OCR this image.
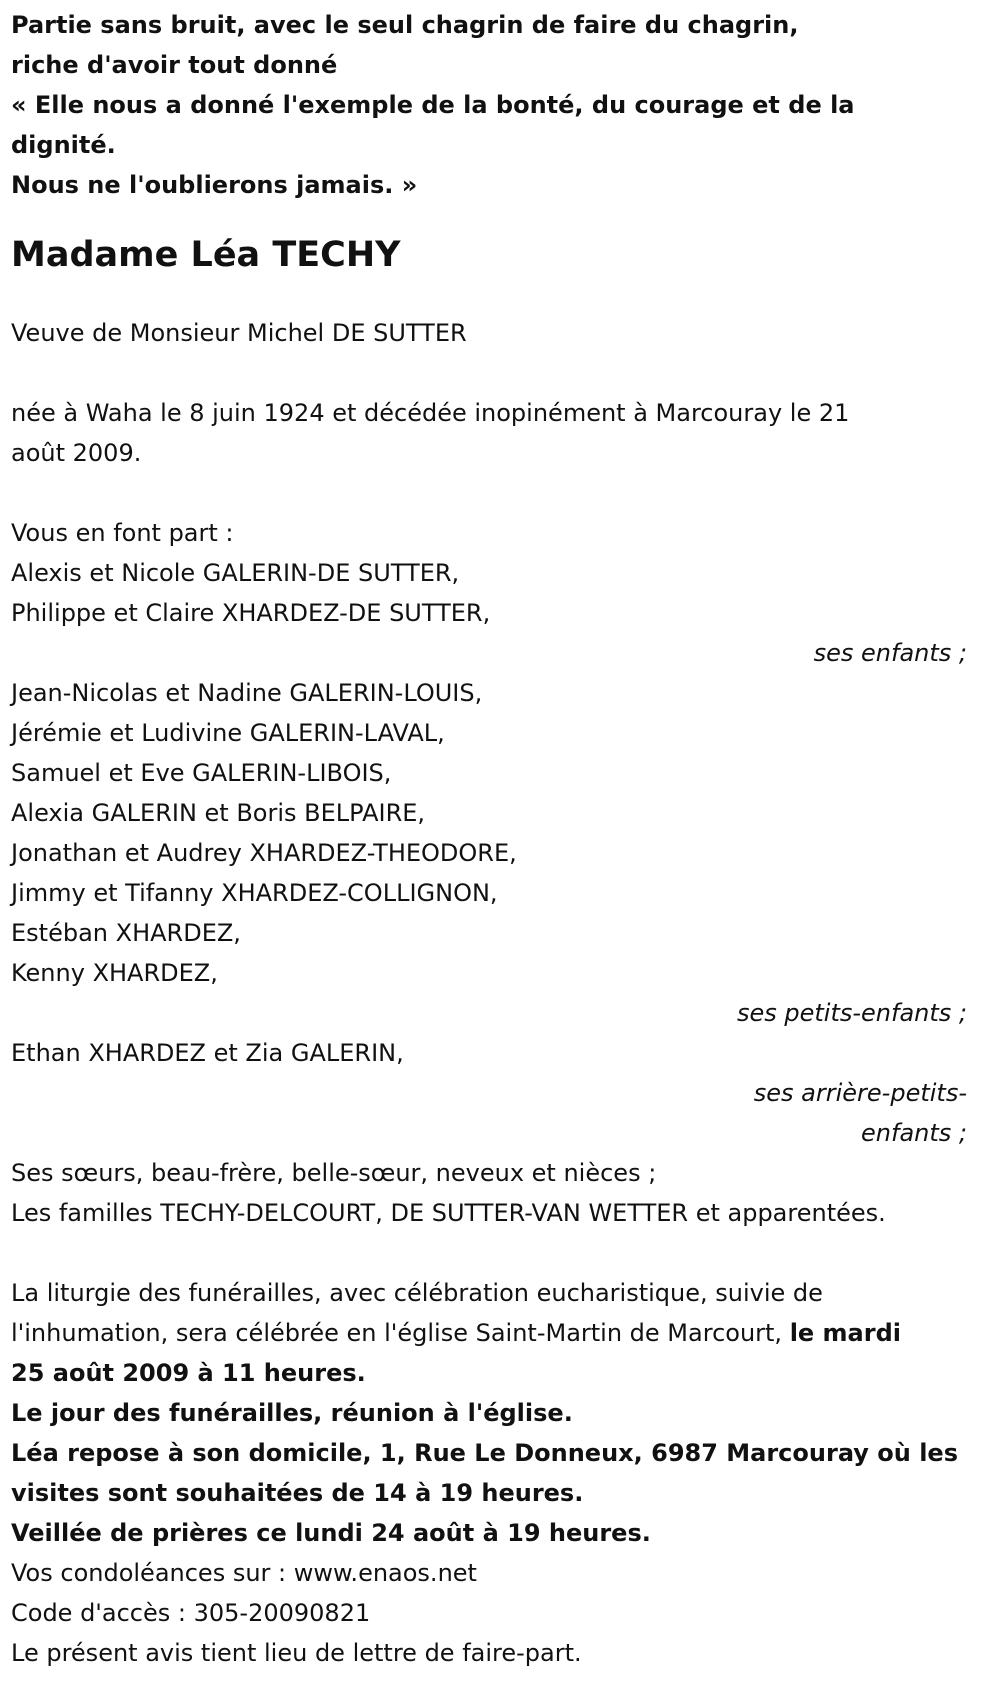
Partie sans bruit, avec le seul chagrin de faire du chagrin,

riche d'avoir tout donné

« Elle nous a donné l'exemple de la bonté, du courage et de la

dignité.

Nous ne l'oublierons jamais. »

Madame Léa TECHY

Veuve de Monsieur Michel DE SUTTER

née à Waha le 8 juin 1924 et décédée inopinément à Marcouray le 21

août 2009.

Vous en font part :

Alexis et Nicole GALERIN-DE SUTTER,

Philippe et Claire XHARDEZ-DE SUTTER,

ses enfants ;

Jean-Nicolas et Nadine GALERIN-LOUIS,

Jérémie et Ludivine GALERIN-LAVAL,

Samuel et Eve GALERIN-LIBOIS,

Alexia GALERIN et Boris BELPAIRE,

Jonathan et Audrey XHARDEZ-THEODORE,

Jimmy et Tifanny XHARDEZ-COLLIGNON,

Estéban XHARDEZ,

Kenny XHARDEZ,

ses petits-enfants ;

Ethan XHARDEZ et Zia GALERIN,

ses arrière-petits-

enfants ;

Ses sœurs, beau-frère, belle-sœur, neveux et nièces ;

Les familles TECHY-DELCOURT, DE SUTTER-VAN WETTER et apparentées.

La liturgie des funérailles, avec célébration eucharistique, suivie de

l'inhumation, sera célébrée en l'église Saint-Martin de Marcourt, le mardi

25 août 2009 à 11 heures.

Le jour des funérailles, réunion à l'église.

Léa repose à son domicile, 1, Rue Le Donneux, 6987 Marcouray où les

visites sont souhaitées de 14 à 19 heures.

Veillée de prières ce lundi 24 août à 19 heures.

Vos condoléances sur : www.enaos.net

Code d'accès : 305-20090821

Le présent avis tient lieu de lettre de faire-part.
